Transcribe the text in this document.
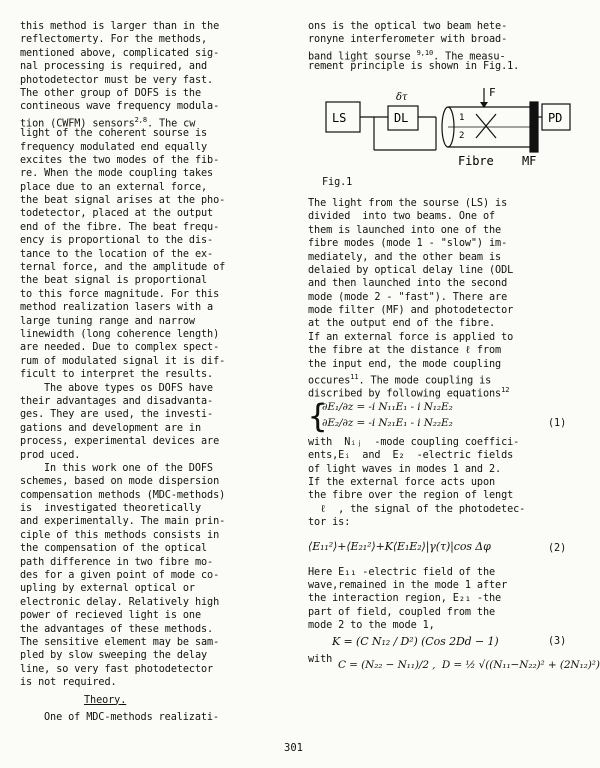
this method is larger than in the
reflectomerty. For the methods,
mentioned above, complicated sig-
nal processing is required, and
photodetector must be very fast.
The other group of DOFS is the
contineous wave frequency modula-
tion (CWFM) sensors$^{2,8}$. The cw
light of the coherent sourse is
frequency modulated end equally
excites the two modes of the fib-
re. When the mode coupling takes
place due to an external force,
the beat signal arises at the pho-
todetector, placed at the output
end of the fibre. The beat frequ-
ency is proportional to the dis-
tance to the location of the ex-
ternal force, and the amplitude of
the beat signal is proportional
to this force magnitude. For this
method realization lasers with a
large tuning range and narrow
linewidth (long coherence length)
are needed. Due to complex spect-
rum of modulated signal it is dif-
ficult to interpret the results.
The above types os DOFS have
their advantages and disadvanta-
ges. They are used, the investi-
gations and development are in
process, experimental devices are
prod uced.
In this work one of the DOFS
schemes, based on mode dispersion
compensation methods (MDC-methods)
is  investigated theoretically
and experimentally. The main prin-
ciple of this methods consists in
the compensation of the optical
path difference in two fibre mo-
des for a given point of mode co-
upling by external optical or
electronic delay. Relatively high
power of recieved light is one
the advantages of these methods.
The sensitive element may be sam-
pled by slow sweeping the delay
line, so very fast photodetector
is not required.
Theory.
One of MDC-methods realizati-
ons is the optical two beam hete-
ronyne interferometer with broad-
band light sourse $^{9,10}$. The measu-
rement principle is shown in Fig.1.
LS	DL
δτ	F
1
2
Fibre MF
PD
Fig.1
The light from the sourse (LS) is
divided  into two beams. One of
them is launched into one of the
fibre modes (mode 1 - "slow") im-
mediately, and the other beam is
delaied by optical delay line (ODL
and then launched into the second
mode (mode 2 - "fast"). There are
mode filter (MF) and photodetector
at the output end of the fibre.
If an external force is applied to
the fibre at the distance ℓ from
the input end, the mode coupling
occures$^{11}$. The mode coupling is
discribed by following equations$^{12}$
{
∂E₁/∂z = -i N₁₁E₁ - i N₁₂E₂
∂E₂/∂z = -i N₂₁E₁ - i N₂₂E₂	(1)
with  Nᵢⱼ  -mode coupling coeffici-
ents,Eᵢ  and  E₂  -electric fields
of light waves in modes 1 and 2.
If the external force acts upon
the fibre over the region of lengt
ℓ  , the signal of the photodetec-
tor is:
⟨E₁₁²⟩+⟨E₂₁²⟩+K⟨E₁E₂⟩|γ(τ)|cos Δφ	(2)
Here E₁₁ -electric field of the
wave,remained in the mode 1 after
the interaction region, E₂₁ -the
part of field, coupled from the
mode 2 to the mode 1,
K = (C N₁₂ / D²) (Cos 2Dd − 1)	(3)
with C = (N₂₂ − N₁₁)/2 ,  D = ½ √((N₁₁−N₂₂)² + (2N₁₂)²)
301
